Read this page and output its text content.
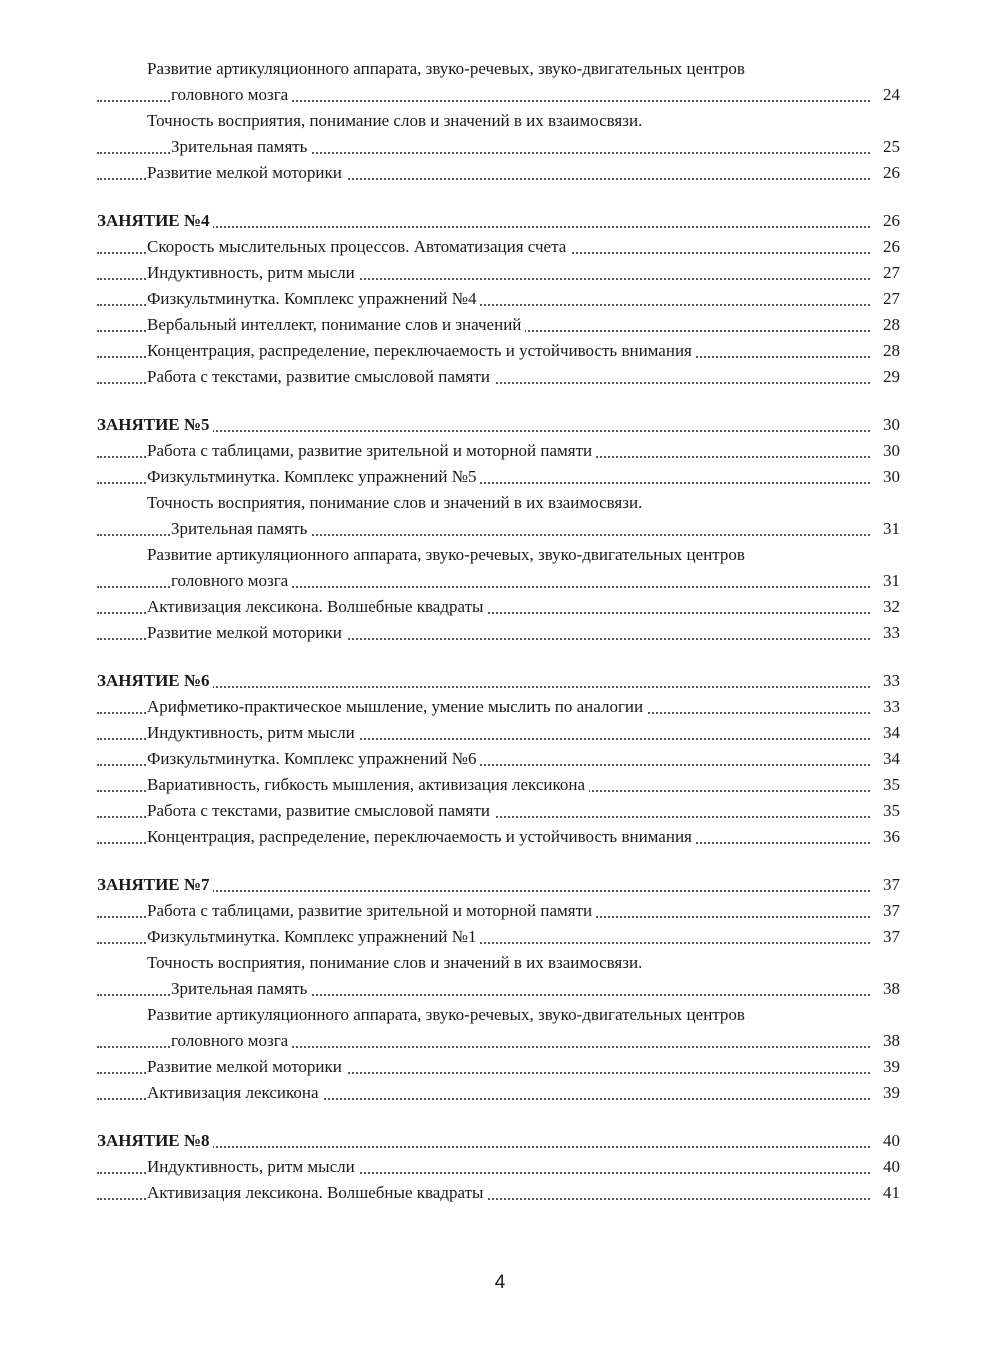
Развитие артикуляционного аппарата, звуко-речевых, звуко-двигательных центров
головного мозга	24
Точность восприятия, понимание слов и значений в их взаимосвязи.
Зрительная память	25
Развитие мелкой моторики	26
ЗАНЯТИЕ №4	26
Скорость мыслительных процессов. Автоматизация счета	26
Индуктивность, ритм мысли	27
Физкультминутка. Комплекс упражнений №4	27
Вербальный интеллект, понимание слов и значений	28
Концентрация, распределение, переключаемость и устойчивость внимания	28
Работа с текстами, развитие смысловой памяти	29
ЗАНЯТИЕ №5	30
Работа с таблицами, развитие зрительной и моторной памяти	30
Физкультминутка. Комплекс упражнений №5	30
Точность восприятия, понимание слов и значений в их взаимосвязи.
Зрительная память	31
Развитие артикуляционного аппарата, звуко-речевых, звуко-двигательных центров
головного мозга	31
Активизация лексикона. Волшебные квадраты	32
Развитие мелкой моторики	33
ЗАНЯТИЕ №6	33
Арифметико-практическое мышление, умение мыслить по аналогии	33
Индуктивность, ритм мысли	34
Физкультминутка. Комплекс упражнений №6	34
Вариативность, гибкость мышления, активизация лексикона	35
Работа с текстами, развитие смысловой памяти	35
Концентрация, распределение, переключаемость и устойчивость внимания	36
ЗАНЯТИЕ №7	37
Работа с таблицами, развитие зрительной и моторной памяти	37
Физкультминутка. Комплекс упражнений №1	37
Точность восприятия, понимание слов и значений в их взаимосвязи.
Зрительная память	38
Развитие артикуляционного аппарата, звуко-речевых, звуко-двигательных центров
головного мозга	38
Развитие мелкой моторики	39
Активизация лексикона	39
ЗАНЯТИЕ №8	40
Индуктивность, ритм мысли	40
Активизация лексикона. Волшебные квадраты	41
4
